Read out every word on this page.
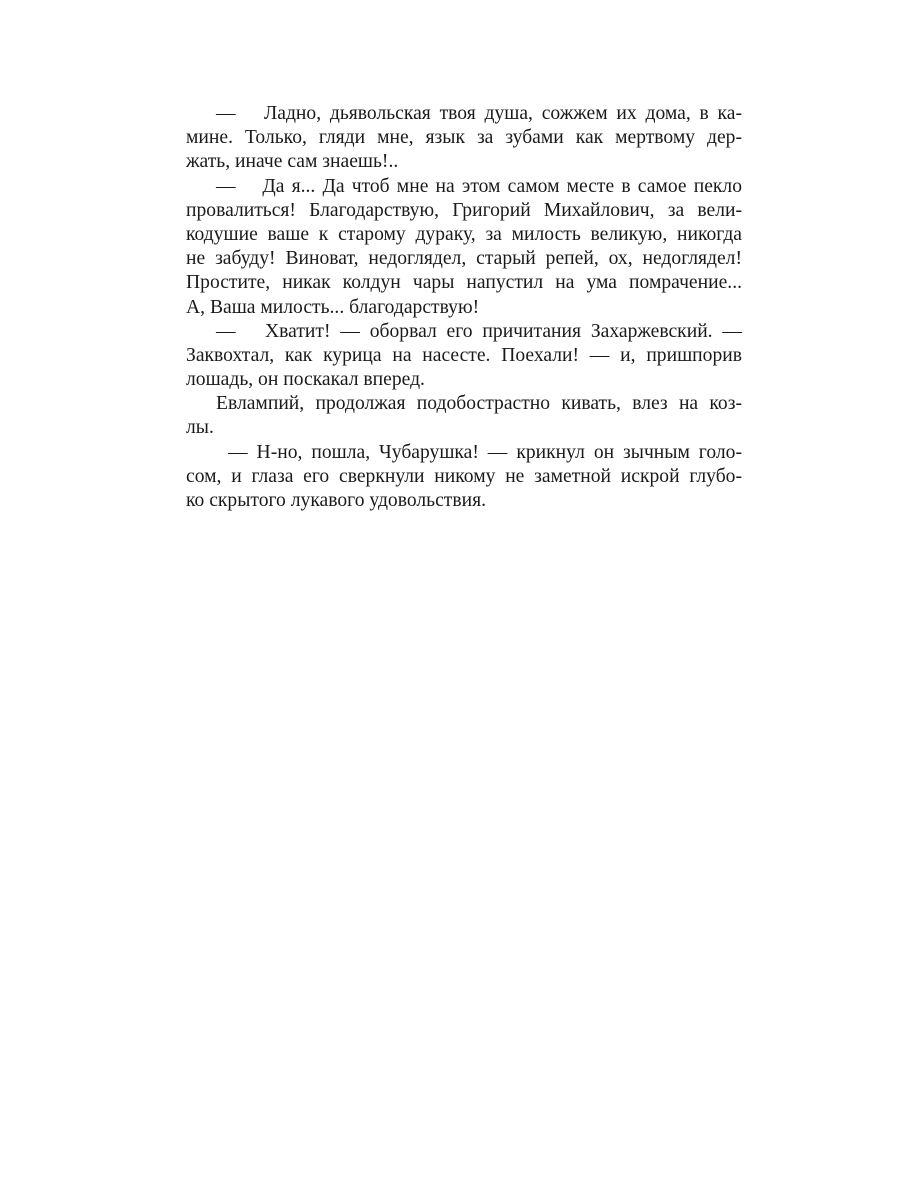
—  Ладно, дьявольская твоя душа, сожжем их дома, в ка-
мине. Только, гляди мне, язык за зубами как мертвому дер-
жать, иначе сам знаешь!..
—  Да я... Да чтоб мне на этом самом месте в самое пекло
провалиться! Благодарствую, Григорий Михайлович, за вели-
кодушие ваше к старому дураку, за милость великую, никогда
не забуду! Виноват, недоглядел, старый репей, ох, недоглядел!
Простите, никак колдун чары напустил на ума помрачение...
А, Ваша милость... благодарствую!
—  Хватит! — оборвал его причитания Захаржевский. —
Заквохтал, как курица на насесте. Поехали! — и, пришпорив
лошадь, он поскакал вперед.
Евлампий, продолжая подобострастно кивать, влез на коз-
лы.
— Н-но, пошла, Чубарушка! — крикнул он зычным голо-
сом, и глаза его сверкнули никому не заметной искрой глубо-
ко скрытого лукавого удовольствия.
